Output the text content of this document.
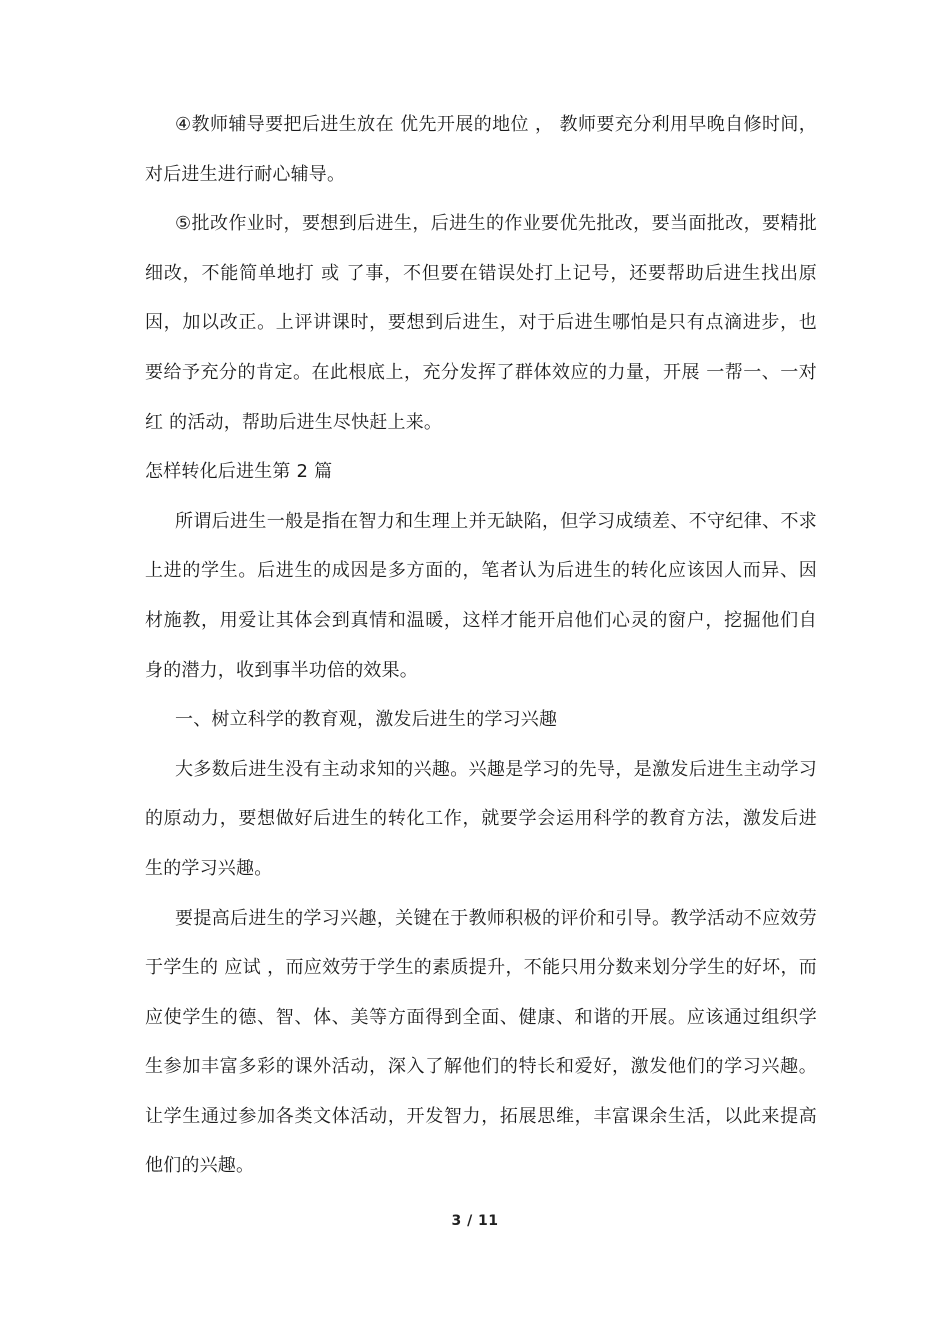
④教师辅导要把后进生放在 优先开展的地位 ， 教师要充分利用早晚自修时间，对后进生进行耐心辅导。

⑤批改作业时，要想到后进生，后进生的作业要优先批改，要当面批改，要精批细改，不能简单地打 或 了事，不但要在错误处打上记号，还要帮助后进生找出原因，加以改正。上评讲课时，要想到后进生，对于后进生哪怕是只有点滴进步，也要给予充分的肯定。在此根底上，充分发挥了群体效应的力量，开展 一帮一、一对红 的活动，帮助后进生尽快赶上来。

怎样转化后进生第 2 篇

所谓后进生一般是指在智力和生理上并无缺陷，但学习成绩差、不守纪律、不求上进的学生。后进生的成因是多方面的，笔者认为后进生的转化应该因人而异、因材施教，用爱让其体会到真情和温暖，这样才能开启他们心灵的窗户，挖掘他们自身的潜力，收到事半功倍的效果。

一、树立科学的教育观，激发后进生的学习兴趣

大多数后进生没有主动求知的兴趣。兴趣是学习的先导，是激发后进生主动学习的原动力，要想做好后进生的转化工作，就要学会运用科学的教育方法，激发后进生的学习兴趣。

要提高后进生的学习兴趣，关键在于教师积极的评价和引导。教学活动不应效劳于学生的 应试 ，而应效劳于学生的素质提升，不能只用分数来划分学生的好坏，而应使学生的德、智、体、美等方面得到全面、健康、和谐的开展。应该通过组织学生参加丰富多彩的课外活动，深入了解他们的特长和爱好，激发他们的学习兴趣。让学生通过参加各类文体活动，开发智力，拓展思维，丰富课余生活，以此来提高他们的兴趣。

3 / 11
